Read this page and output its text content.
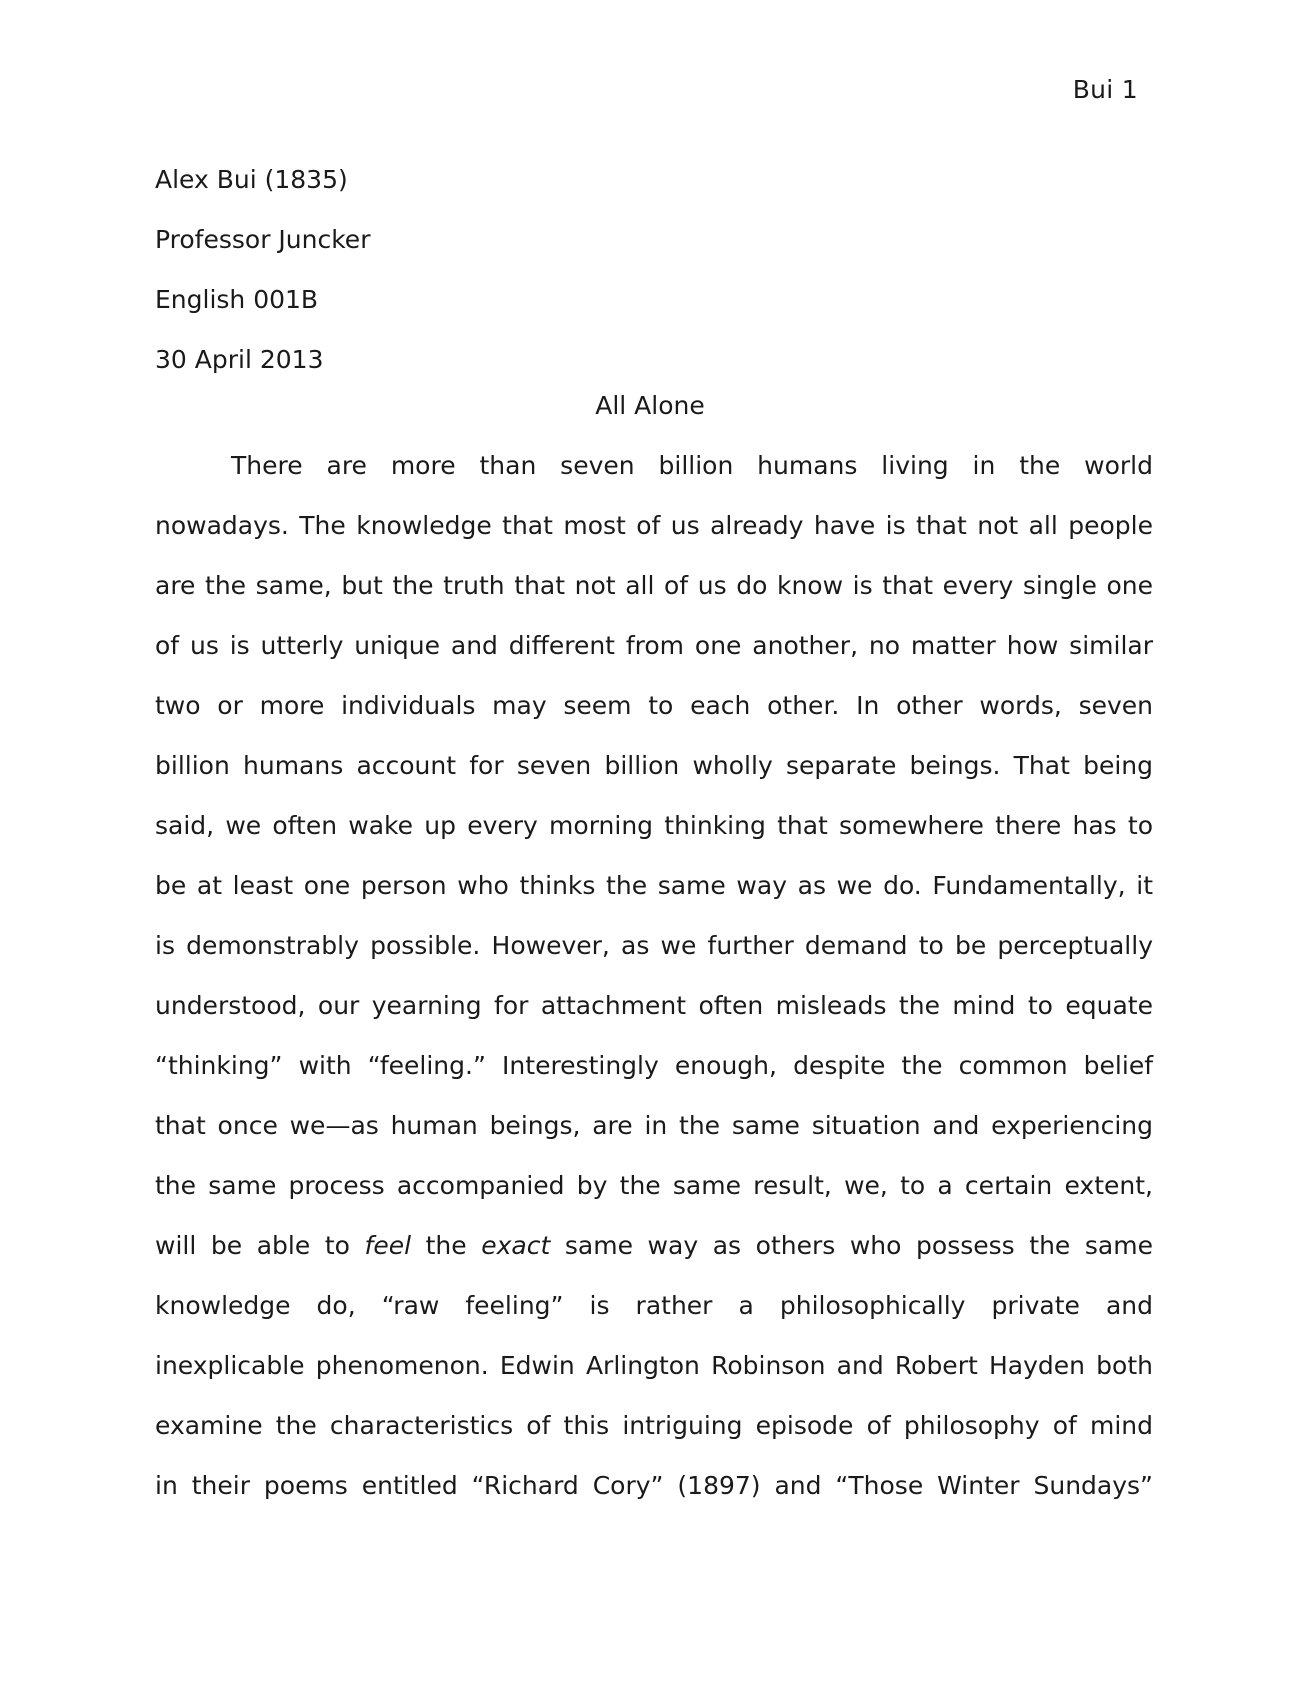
Bui 1
Alex Bui (1835)
Professor Juncker
English 001B
30 April 2013
All Alone
There are more than seven billion humans living in the world
nowadays. The knowledge that most of us already have is that not all people
are the same, but the truth that not all of us do know is that every single one
of us is utterly unique and different from one another, no matter how similar
two or more individuals may seem to each other. In other words, seven
billion humans account for seven billion wholly separate beings. That being
said, we often wake up every morning thinking that somewhere there has to
be at least one person who thinks the same way as we do. Fundamentally, it
is demonstrably possible. However, as we further demand to be perceptually
understood, our yearning for attachment often misleads the mind to equate
“thinking” with “feeling.” Interestingly enough, despite the common belief
that once we—as human beings, are in the same situation and experiencing
the same process accompanied by the same result, we, to a certain extent,
will be able to feel the exact same way as others who possess the same
knowledge do, “raw feeling” is rather a philosophically private and
inexplicable phenomenon. Edwin Arlington Robinson and Robert Hayden both
examine the characteristics of this intriguing episode of philosophy of mind
in their poems entitled “Richard Cory” (1897) and “Those Winter Sundays”
